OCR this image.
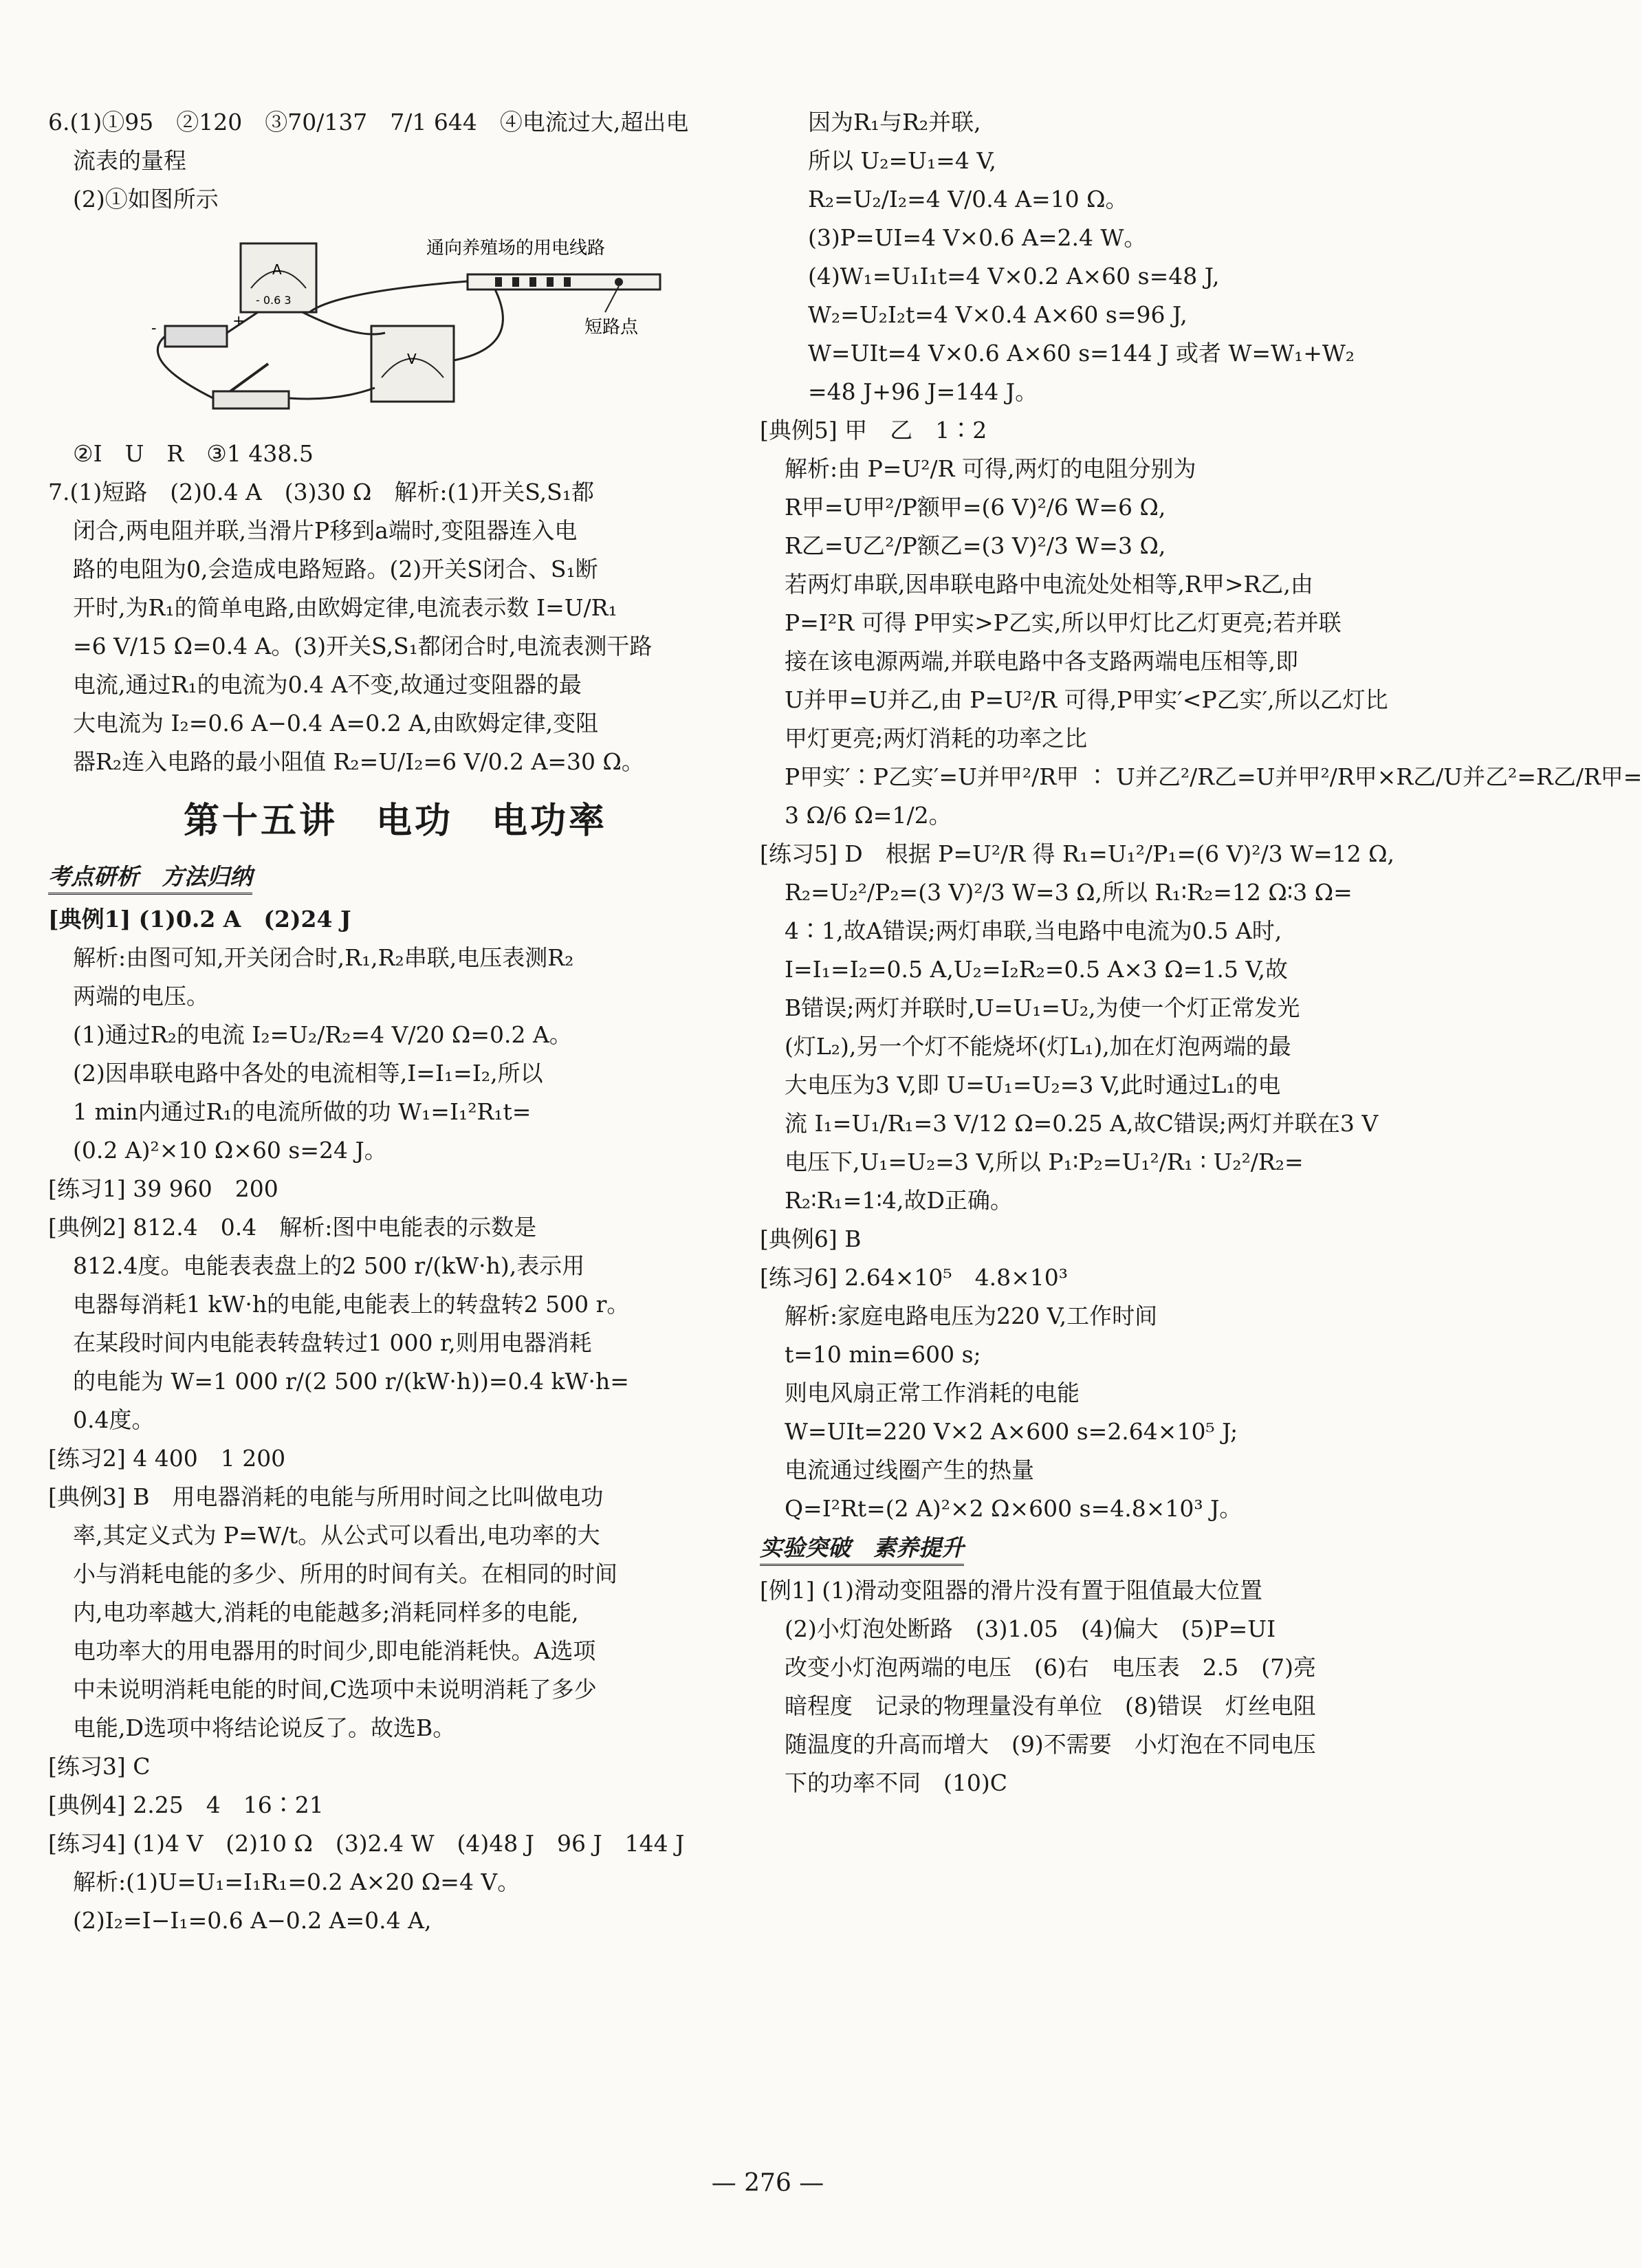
6.(1)①95　②120　③70/137　7/1 644　④电流过大,超出电
流表的量程
(2)①如图所示
A
- 0.6 3
-	+
V
通向养殖场的用电线路
短路点
②I　U　R　③1 438.5
7.(1)短路　(2)0.4 A　(3)30 Ω　解析:(1)开关S,S₁都
闭合,两电阻并联,当滑片P移到a端时,变阻器连入电
路的电阻为0,会造成电路短路。(2)开关S闭合、S₁断
开时,为R₁的简单电路,由欧姆定律,电流表示数 I=U/R₁
=6 V/15 Ω=0.4 A。(3)开关S,S₁都闭合时,电流表测干路
电流,通过R₁的电流为0.4 A不变,故通过变阻器的最
大电流为 I₂=0.6 A−0.4 A=0.2 A,由欧姆定律,变阻
器R₂连入电路的最小阻值 R₂=U/I₂=6 V/0.2 A=30 Ω。
第十五讲　电功　电功率
考点研析　方法归纳
[典例1] (1)0.2 A　(2)24 J
解析:由图可知,开关闭合时,R₁,R₂串联,电压表测R₂
两端的电压。
(1)通过R₂的电流 I₂=U₂/R₂=4 V/20 Ω=0.2 A。
(2)因串联电路中各处的电流相等,I=I₁=I₂,所以
1 min内通过R₁的电流所做的功 W₁=I₁²R₁t=
(0.2 A)²×10 Ω×60 s=24 J。
[练习1] 39 960　200
[典例2] 812.4　0.4　解析:图中电能表的示数是
812.4度。电能表表盘上的2 500 r/(kW·h),表示用
电器每消耗1 kW·h的电能,电能表上的转盘转2 500 r。
在某段时间内电能表转盘转过1 000 r,则用电器消耗
的电能为 W=1 000 r/(2 500 r/(kW·h))=0.4 kW·h=
0.4度。
[练习2] 4 400　1 200
[典例3] B　用电器消耗的电能与所用时间之比叫做电功
率,其定义式为 P=W/t。从公式可以看出,电功率的大
小与消耗电能的多少、所用的时间有关。在相同的时间
内,电功率越大,消耗的电能越多;消耗同样多的电能,
电功率大的用电器用的时间少,即电能消耗快。A选项
中未说明消耗电能的时间,C选项中未说明消耗了多少
电能,D选项中将结论说反了。故选B。
[练习3] C
[典例4] 2.25　4　16∶21
[练习4] (1)4 V　(2)10 Ω　(3)2.4 W　(4)48 J　96 J　144 J
解析:(1)U=U₁=I₁R₁=0.2 A×20 Ω=4 V。
(2)I₂=I−I₁=0.6 A−0.2 A=0.4 A,
因为R₁与R₂并联,
所以 U₂=U₁=4 V,
R₂=U₂/I₂=4 V/0.4 A=10 Ω。
(3)P=UI=4 V×0.6 A=2.4 W。
(4)W₁=U₁I₁t=4 V×0.2 A×60 s=48 J,
W₂=U₂I₂t=4 V×0.4 A×60 s=96 J,
W=UIt=4 V×0.6 A×60 s=144 J 或者 W=W₁+W₂
=48 J+96 J=144 J。
[典例5] 甲　乙　1∶2
解析:由 P=U²/R 可得,两灯的电阻分别为
R甲=U甲²/P额甲=(6 V)²/6 W=6 Ω,
R乙=U乙²/P额乙=(3 V)²/3 W=3 Ω,
若两灯串联,因串联电路中电流处处相等,R甲>R乙,由
P=I²R 可得 P甲实>P乙实,所以甲灯比乙灯更亮;若并联
接在该电源两端,并联电路中各支路两端电压相等,即
U并甲=U并乙,由 P=U²/R 可得,P甲实′<P乙实′,所以乙灯比
甲灯更亮;两灯消耗的功率之比
P甲实′∶P乙实′=U并甲²/R甲 ∶ U并乙²/R乙=U并甲²/R甲×R乙/U并乙²=R乙/R甲=
3 Ω/6 Ω=1/2。
[练习5] D　根据 P=U²/R 得 R₁=U₁²/P₁=(6 V)²/3 W=12 Ω,
R₂=U₂²/P₂=(3 V)²/3 W=3 Ω,所以 R₁∶R₂=12 Ω∶3 Ω=
4∶1,故A错误;两灯串联,当电路中电流为0.5 A时,
I=I₁=I₂=0.5 A,U₂=I₂R₂=0.5 A×3 Ω=1.5 V,故
B错误;两灯并联时,U=U₁=U₂,为使一个灯正常发光
(灯L₂),另一个灯不能烧坏(灯L₁),加在灯泡两端的最
大电压为3 V,即 U=U₁=U₂=3 V,此时通过L₁的电
流 I₁=U₁/R₁=3 V/12 Ω=0.25 A,故C错误;两灯并联在3 V
电压下,U₁=U₂=3 V,所以 P₁∶P₂=U₁²/R₁ ∶ U₂²/R₂=
R₂∶R₁=1∶4,故D正确。
[典例6] B
[练习6] 2.64×10⁵　4.8×10³
解析:家庭电路电压为220 V,工作时间
t=10 min=600 s;
则电风扇正常工作消耗的电能
W=UIt=220 V×2 A×600 s=2.64×10⁵ J;
电流通过线圈产生的热量
Q=I²Rt=(2 A)²×2 Ω×600 s=4.8×10³ J。
实验突破　素养提升
[例1] (1)滑动变阻器的滑片没有置于阻值最大位置
(2)小灯泡处断路　(3)1.05　(4)偏大　(5)P=UI
改变小灯泡两端的电压　(6)右　电压表　2.5　(7)亮
暗程度　记录的物理量没有单位　(8)错误　灯丝电阻
随温度的升高而增大　(9)不需要　小灯泡在不同电压
下的功率不同　(10)C
— 276 —
